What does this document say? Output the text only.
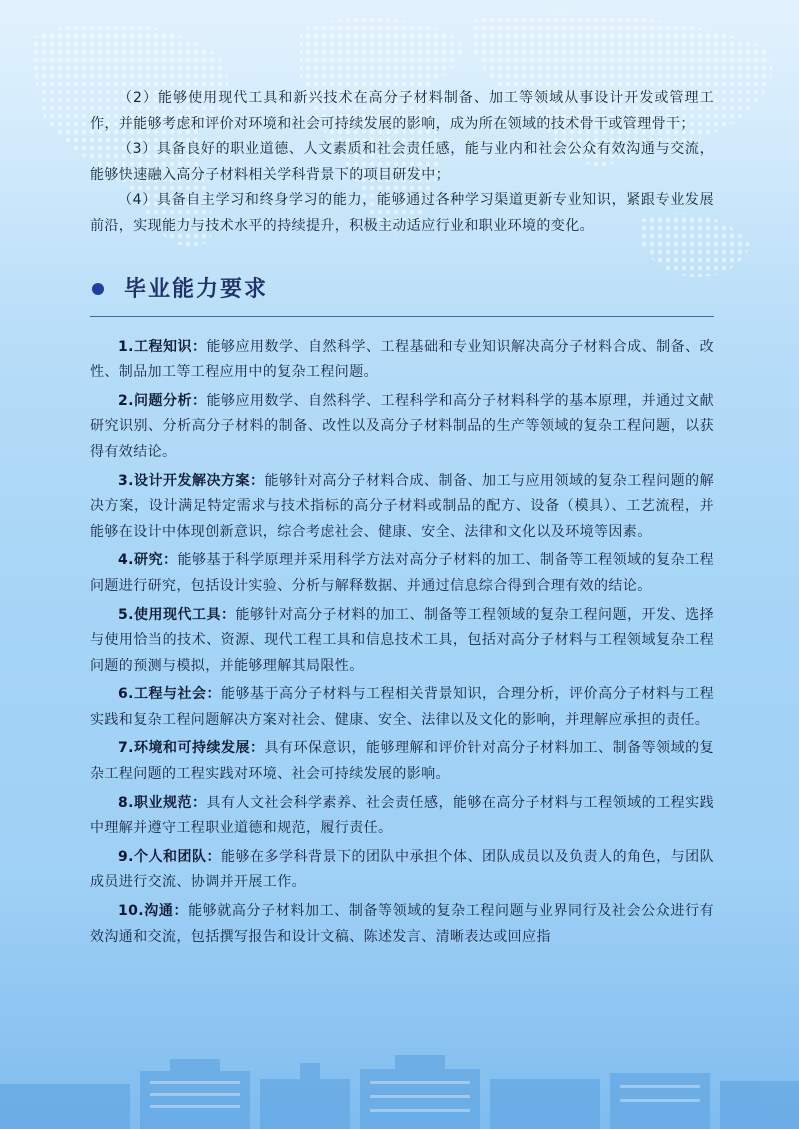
（2）能够使用现代工具和新兴技术在高分子材料制备、加工等领域从事设计开发或管理工作，并能够考虑和评价对环境和社会可持续发展的影响，成为所在领域的技术骨干或管理骨干；

（3）具备良好的职业道德、人文素质和社会责任感，能与业内和社会公众有效沟通与交流，能够快速融入高分子材料相关学科背景下的项目研发中；

（4）具备自主学习和终身学习的能力，能够通过各种学习渠道更新专业知识，紧跟专业发展前沿，实现能力与技术水平的持续提升，积极主动适应行业和职业环境的变化。

毕业能力要求

1.工程知识：能够应用数学、自然科学、工程基础和专业知识解决高分子材料合成、制备、改性、制品加工等工程应用中的复杂工程问题。

2.问题分析：能够应用数学、自然科学、工程科学和高分子材料科学的基本原理，并通过文献研究识别、分析高分子材料的制备、改性以及高分子材料制品的生产等领域的复杂工程问题，以获得有效结论。

3.设计开发解决方案：能够针对高分子材料合成、制备、加工与应用领域的复杂工程问题的解决方案，设计满足特定需求与技术指标的高分子材料或制品的配方、设备（模具）、工艺流程，并能够在设计中体现创新意识，综合考虑社会、健康、安全、法律和文化以及环境等因素。

4.研究：能够基于科学原理并采用科学方法对高分子材料的加工、制备等工程领域的复杂工程问题进行研究，包括设计实验、分析与解释数据、并通过信息综合得到合理有效的结论。

5.使用现代工具：能够针对高分子材料的加工、制备等工程领域的复杂工程问题，开发、选择与使用恰当的技术、资源、现代工程工具和信息技术工具，包括对高分子材料与工程领域复杂工程问题的预测与模拟，并能够理解其局限性。

6.工程与社会：能够基于高分子材料与工程相关背景知识，合理分析，评价高分子材料与工程实践和复杂工程问题解决方案对社会、健康、安全、法律以及文化的影响，并理解应承担的责任。

7.环境和可持续发展：具有环保意识，能够理解和评价针对高分子材料加工、制备等领域的复杂工程问题的工程实践对环境、社会可持续发展的影响。

8.职业规范：具有人文社会科学素养、社会责任感，能够在高分子材料与工程领域的工程实践中理解并遵守工程职业道德和规范，履行责任。

9.个人和团队：能够在多学科背景下的团队中承担个体、团队成员以及负责人的角色，与团队成员进行交流、协调并开展工作。

10.沟通：能够就高分子材料加工、制备等领域的复杂工程问题与业界同行及社会公众进行有效沟通和交流，包括撰写报告和设计文稿、陈述发言、清晰表达或回应指
